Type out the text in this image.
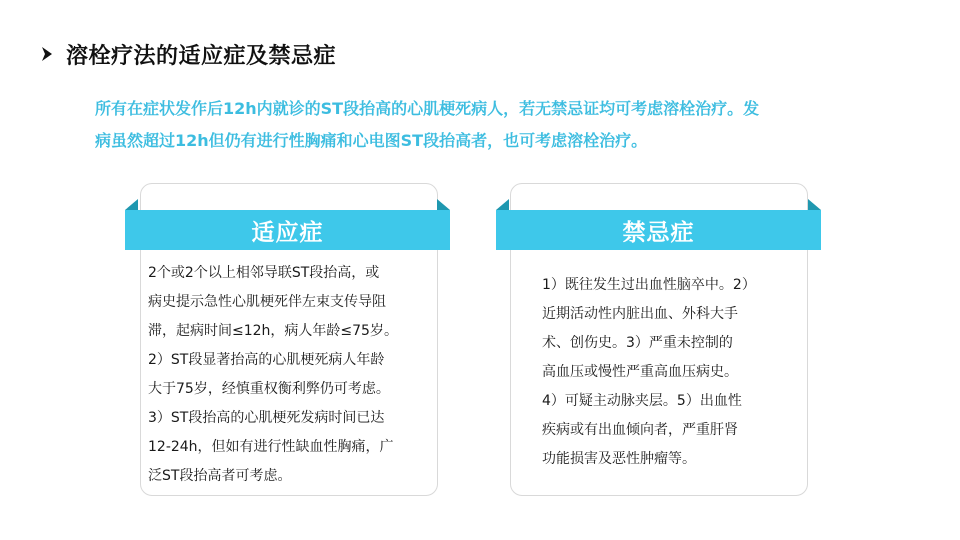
溶栓疗法的适应症及禁忌症
所有在症状发作后12h内就诊的ST段抬高的心肌梗死病人，若无禁忌证均可考虑溶栓治疗。发
病虽然超过12h但仍有进行性胸痛和心电图ST段抬高者，也可考虑溶栓治疗。
适应症
2个或2个以上相邻导联ST段抬高，或
病史提示急性心肌梗死伴左束支传导阻
滞，起病时间≤12h，病人年龄≤75岁。
2）ST段显著抬高的心肌梗死病人年龄
大于75岁，经慎重权衡利弊仍可考虑。
3）ST段抬高的心肌梗死发病时间已达
12-24h，但如有进行性缺血性胸痛，广
泛ST段抬高者可考虑。
禁忌症
1）既往发生过出血性脑卒中。2）
近期活动性内脏出血、外科大手
术、创伤史。3）严重未控制的
高血压或慢性严重高血压病史。
4）可疑主动脉夹层。5）出血性
疾病或有出血倾向者，严重肝肾
功能损害及恶性肿瘤等。
